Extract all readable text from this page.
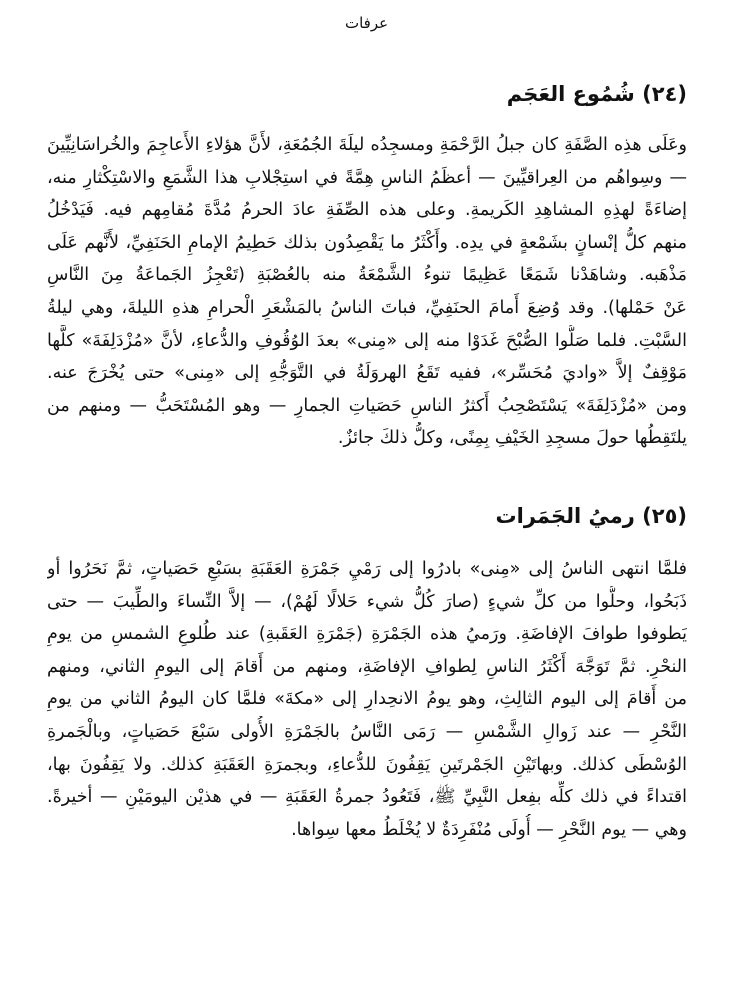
عرفات
(٢٤) شُمُوع العَجَم
وعَلَى هذِه الصَّفَةِ كان جبلُ الرَّحْمَةِ ومسجِدُه ليلَةَ الجُمُعَةِ، لأَنَّ هؤلاءِ الأَعاجِمَ والخُراسَانِيِّينَ
— وسِواهُم من العِراقيِّينَ — أعظَمُ الناسِ هِمَّةً في استِجْلابِ هذا الشَّمَعِ والاسْتِكْثارِ منه،
إضاءَةً لهذِهِ المشاهِدِ الكَريمةِ. وعلى هذه الصِّفَةِ عادَ الحرمُ مُدَّةَ مُقامِهم فيه. فَيَدْخُلُ
منهم كلُّ إنْسانٍ بشَمْعةٍ في يدِه. وأَكْثَرُ ما يَقْصِدُون بذلك حَطِيمُ الإمامِ الحَنَفِيِّ، لأَنَّهم عَلَى
مَذْهَبه. وشاهَدْنا شَمَعًا عَظِيمًا تنوءُ الشَّمْعَةُ منه بالعُصْبَةِ (تَعْجِزُ الجَماعَةُ مِنَ النَّاسِ
عَنْ حَمْلها). وقد وُضِعَ أَمامَ الحنَفِيِّ، فباتَ الناسُ بالمَشْعَرِ الْحرامِ هذهِ الليلةَ، وهي ليلةُ
السَّبْتِ. فلما صَلُّوا الصُّبْحَ غَدَوْا منه إلى «مِنى» بعدَ الوُقُوفِ والدُّعاءِ، لأنَّ «مُزْدَلِفَةَ» كلَّها
مَوْقِفٌ إلاَّ «واديَ مُحَسِّر»، ففيه تَقَعُ الهروَلَةُ في التَّوَجُّهِ إلى «مِنى» حتى يُخْرَجَ عنه.
ومن «مُزْدَلِفَةَ» يَسْتَصْحِبُ أَكثرُ الناسِ حَصَياتِ الجمارِ — وهو المُسْتَحَبُّ — ومنهم من
يلتَقِطُها حولَ مسجِدِ الخَيْفِ بِمِنًى، وكلُّ ذلكَ جائزٌ.
(٢٥) رميُ الجَمَرات
فلمَّا انتهى الناسُ إلى «مِنى» بادرُوا إلى رَمْيِ جَمْرَةِ العَقَبَةِ بسَبْعِ حَصَياتٍ، ثمَّ نَحَرُوا أو
ذَبَحُوا، وحلُّوا من كلِّ شيءٍ (صارَ كُلُّ شيء حَلالًا لَهُمْ)، — إلاَّ النِّساءَ والطِّيبَ — حتى
يَطوفوا طوافَ الإفاضَةِ. ورَميُ هذه الجَمْرَةِ (جَمْرَةِ العَقَبةِ) عند طُلوعِ الشمسِ من يومِ
النحْرِ. ثمَّ تَوَجَّهَ أَكْثَرُ الناسِ لِطوافِ الإفاضَةِ، ومنهم من أَقامَ إلى اليومِ الثاني، ومنهم
من أَقامَ إلى اليوم الثالِثِ، وهو يومُ الانحِدارِ إلى «مكةَ» فلمَّا كان اليومُ الثاني من يومِ
النَّحْرِ — عند زَوالِ الشَّمْسِ — رَمَى النَّاسُ بالجَمْرَةِ الأُولى سَبْعَ حَصَياتٍ، وبالْجَمرةِ
الوُسْطَى كذلك. وبهاتَيْنِ الجَمْرتَينِ يَقِفُونَ للدُّعاءِ، وبجمرَةِ العَقَبَةِ كذلك. ولا يَقِفُونَ بها،
اقتداءً في ذلك كلِّه بفِعل النَّبِيِّ ﷺ، فَتَعُودُ جمرةُ العَقَبَةِ — في هذيْن اليومَيْنِ — أخيرةً.
وهي — يوم النَّحْرِ — أُولَى مُنْفَرِدَةٌ لا يُخْلَطُ معها سِواها.
